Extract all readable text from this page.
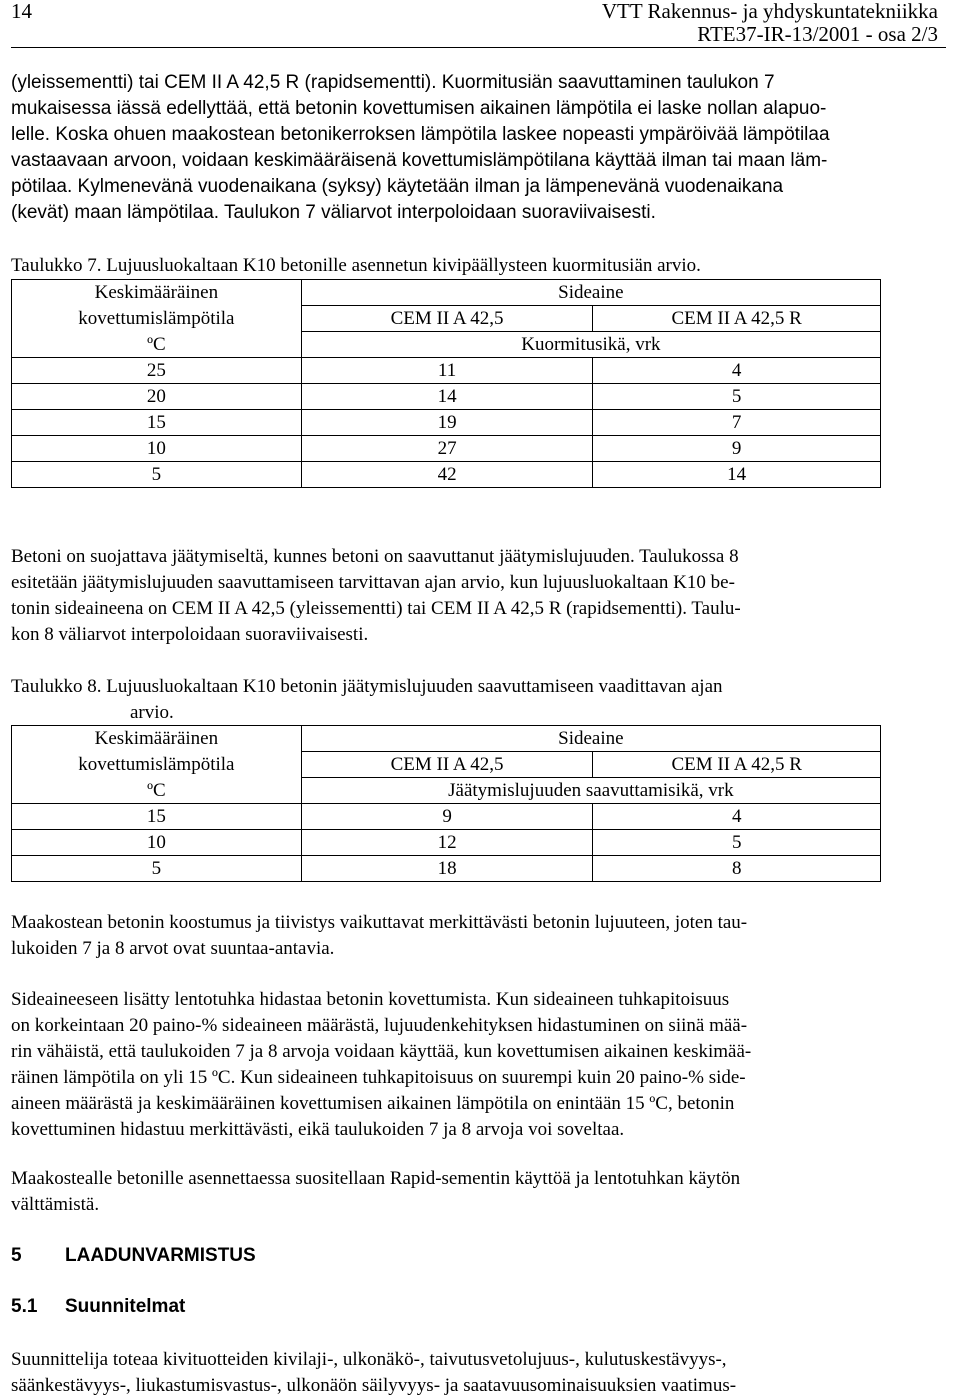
14	VTT Rakennus- ja yhdyskuntatekniikka
RTE37-IR-13/2001 - osa 2/3
(yleissementti) tai CEM II A 42,5 R (rapidsementti). Kuormitusiän saavuttaminen taulukon 7
mukaisessa iässä edellyttää, että betonin kovettumisen aikainen lämpötila ei laske nollan alapuo-
lelle. Koska ohuen maakostean betonikerroksen lämpötila laskee nopeasti ympäröivää lämpötilaa
vastaavaan arvoon, voidaan keskimääräisenä kovettumislämpötilana käyttää ilman tai maan läm-
pötilaa. Kylmenevänä vuodenaikana (syksy) käytetään ilman ja lämpenevänä vuodenaikana
(kevät) maan lämpötilaa. Taulukon 7 väliarvot interpoloidaan suoraviivaisesti.
Taulukko 7. Lujuusluokaltaan K10 betonille asennetun kivipäällysteen kuormitusiän arvio.
Keskimääräinen	Sideaine	
kovettumislämpötila	CEM II A 42,5	CEM II A 42,5 R
ºC	Kuormitusikä, vrk	
25	11	4
20	14	5
15	19	7
10	27	9
5	42	14
Betoni on suojattava jäätymiseltä, kunnes betoni on saavuttanut jäätymislujuuden. Taulukossa 8
esitetään jäätymislujuuden saavuttamiseen tarvittavan ajan arvio, kun lujuusluokaltaan K10 be-
tonin sideaineena on CEM II A 42,5 (yleissementti) tai CEM II A 42,5 R (rapidsementti). Taulu-
kon 8 väliarvot interpoloidaan suoraviivaisesti.
Taulukko 8. Lujuusluokaltaan K10 betonin jäätymislujuuden saavuttamiseen vaadittavan ajan
arvio.
Keskimääräinen	Sideaine	
kovettumislämpötila	CEM II A 42,5	CEM II A 42,5 R
ºC	Jäätymislujuuden saavuttamisikä, vrk	
15	9	4
10	12	5
5	18	8
Maakostean betonin koostumus ja tiivistys vaikuttavat merkittävästi betonin lujuuteen, joten tau-
lukoiden 7 ja 8 arvot ovat suuntaa-antavia.
Sideaineeseen lisätty lentotuhka hidastaa betonin kovettumista. Kun sideaineen tuhkapitoisuus
on korkeintaan 20 paino-% sideaineen määrästä, lujuudenkehityksen hidastuminen on siinä mää-
rin vähäistä, että taulukoiden 7 ja 8 arvoja voidaan käyttää, kun kovettumisen aikainen keskimää-
räinen lämpötila on yli 15 ºC. Kun sideaineen tuhkapitoisuus on suurempi kuin 20 paino-% side-
aineen määrästä ja keskimääräinen kovettumisen aikainen lämpötila on enintään 15 ºC, betonin
kovettuminen hidastuu merkittävästi, eikä taulukoiden 7 ja 8 arvoja voi soveltaa.
Maakostealle betonille asennettaessa suositellaan Rapid-sementin käyttöä ja lentotuhkan käytön
välttämistä.
5 LAADUNVARMISTUS
5.1 Suunnitelmat
Suunnittelija toteaa kivituotteiden kivilaji-, ulkonäkö-, taivutusvetolujuus-, kulutuskestävyys-,
säänkestävyys-, liukastumisvastus-, ulkonäön säilyvyys- ja saatavuusominaisuuksien vaatimus-
